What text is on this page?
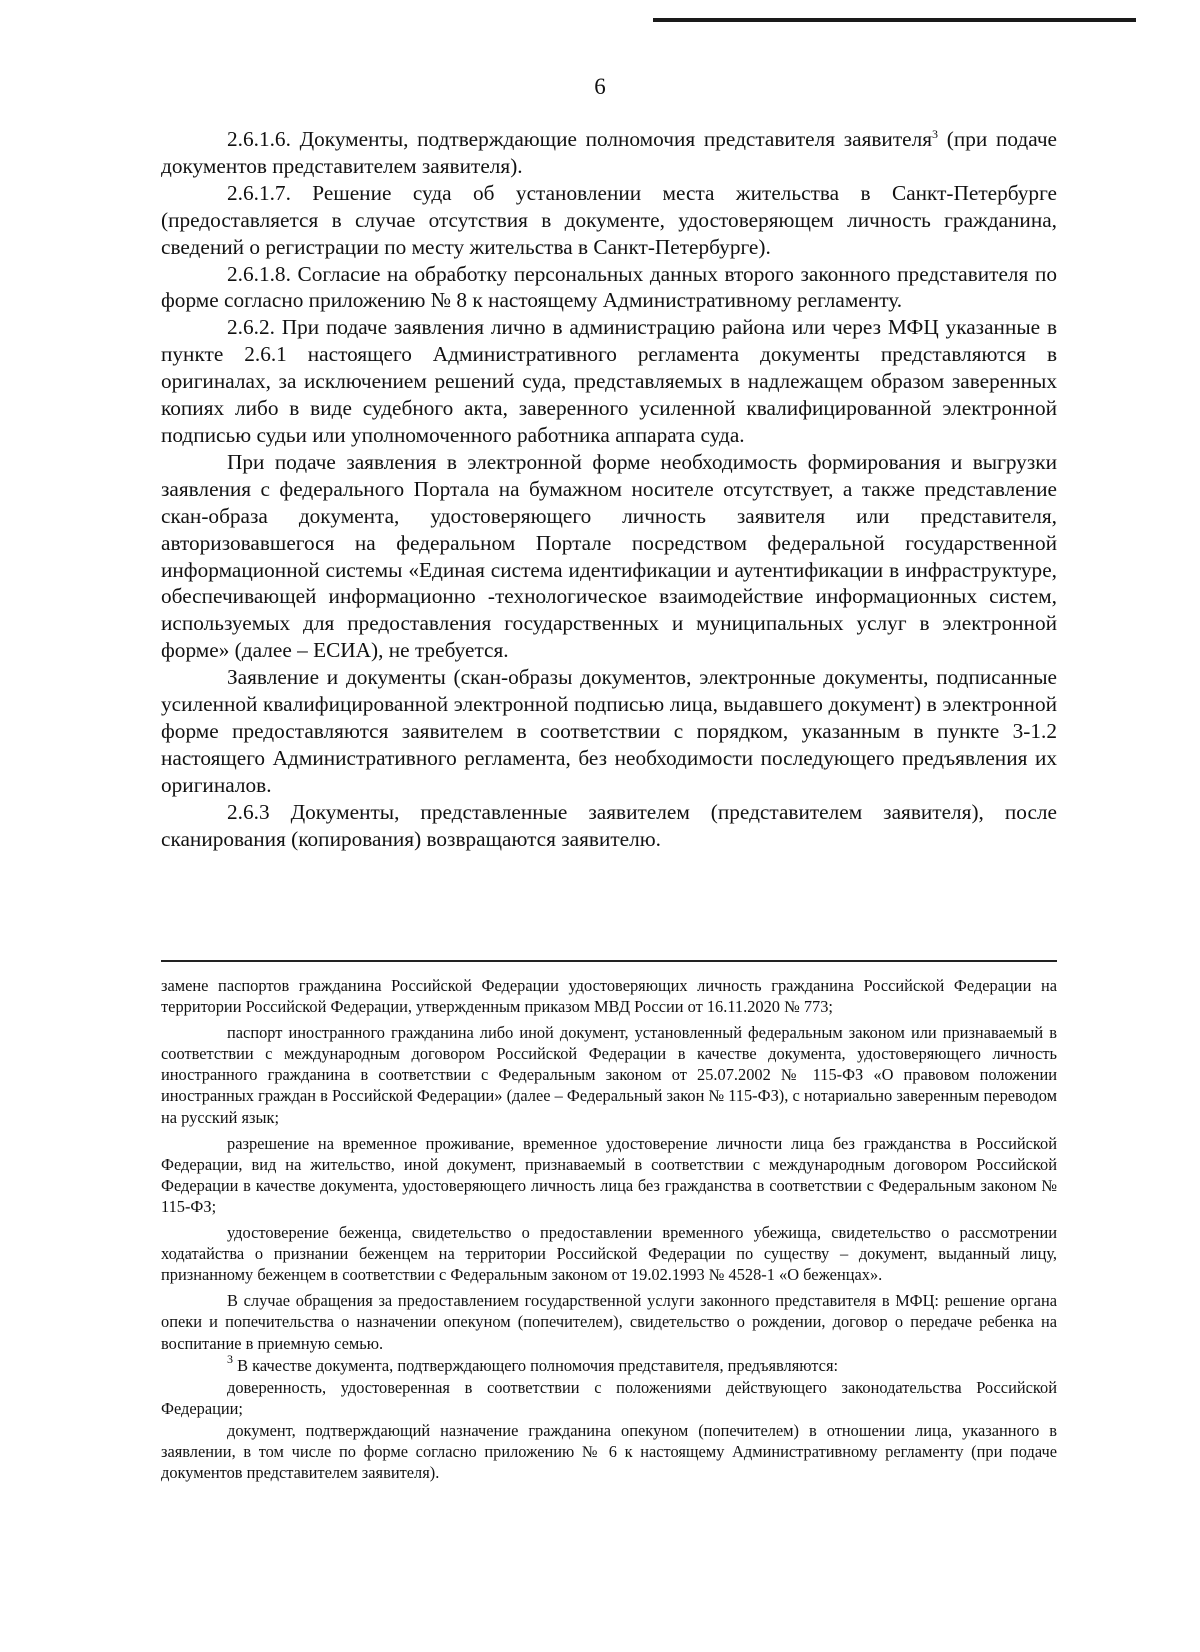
6

2.6.1.6. Документы, подтверждающие полномочия представителя заявителя$^3$ (при подаче документов представителем заявителя).

2.6.1.7. Решение суда об установлении места жительства в Санкт-Петербурге (предоставляется в случае отсутствия в документе, удостоверяющем личность гражданина, сведений о регистрации по месту жительства в Санкт-Петербурге).

2.6.1.8. Согласие на обработку персональных данных второго законного представителя по форме согласно приложению № 8 к настоящему Административному регламенту.

2.6.2. При подаче заявления лично в администрацию района или через МФЦ указанные в пункте 2.6.1 настоящего Административного регламента документы представляются в оригиналах, за исключением решений суда, представляемых в надлежащем образом заверенных копиях либо в виде судебного акта, заверенного усиленной квалифицированной электронной подписью судьи или уполномоченного работника аппарата суда.

При подаче заявления в электронной форме необходимость формирования и выгрузки заявления с федерального Портала на бумажном носителе отсутствует, а также представление скан-образа документа, удостоверяющего личность заявителя или представителя, авторизовавшегося на федеральном Портале посредством федеральной государственной информационной системы «Единая система идентификации и аутентификации в инфраструктуре, обеспечивающей информационно -технологическое взаимодействие информационных систем, используемых для предоставления государственных и муниципальных услуг в электронной форме» (далее – ЕСИА), не требуется.

Заявление и документы (скан-образы документов, электронные документы, подписанные усиленной квалифицированной электронной подписью лица, выдавшего документ) в электронной форме предоставляются заявителем в соответствии с порядком, указанным в пункте 3-1.2 настоящего Административного регламента, без необходимости последующего предъявления их оригиналов.

2.6.3 Документы, представленные заявителем (представителем заявителя), после сканирования (копирования) возвращаются заявителю.

замене паспортов гражданина Российской Федерации удостоверяющих личность гражданина Российской Федерации на территории Российской Федерации, утвержденным приказом МВД России от 16.11.2020 № 773;

паспорт иностранного гражданина либо иной документ, установленный федеральным законом или признаваемый в соответствии с международным договором Российской Федерации в качестве документа, удостоверяющего личность иностранного гражданина в соответствии с Федеральным законом от 25.07.2002 № 115-ФЗ «О правовом положении иностранных граждан в Российской Федерации» (далее – Федеральный закон № 115-ФЗ), с нотариально заверенным переводом на русский язык;

разрешение на временное проживание, временное удостоверение личности лица без гражданства в Российской Федерации, вид на жительство, иной документ, признаваемый в соответствии с международным договором Российской Федерации в качестве документа, удостоверяющего личность лица без гражданства в соответствии с Федеральным законом № 115-ФЗ;

удостоверение беженца, свидетельство о предоставлении временного убежища, свидетельство о рассмотрении ходатайства о признании беженцем на территории Российской Федерации по существу – документ, выданный лицу, признанному беженцем в соответствии с Федеральным законом от 19.02.1993 № 4528-1 «О беженцах».

В случае обращения за предоставлением государственной услуги законного представителя в МФЦ: решение органа опеки и попечительства о назначении опекуном (попечителем), свидетельство о рождении, договор о передаче ребенка на воспитание в приемную семью.

$^3$ В качестве документа, подтверждающего полномочия представителя, предъявляются:

доверенность, удостоверенная в соответствии с положениями действующего законодательства Российской Федерации;

документ, подтверждающий назначение гражданина опекуном (попечителем) в отношении лица, указанного в заявлении, в том числе по форме согласно приложению № 6 к настоящему Административному регламенту (при подаче документов представителем заявителя).
